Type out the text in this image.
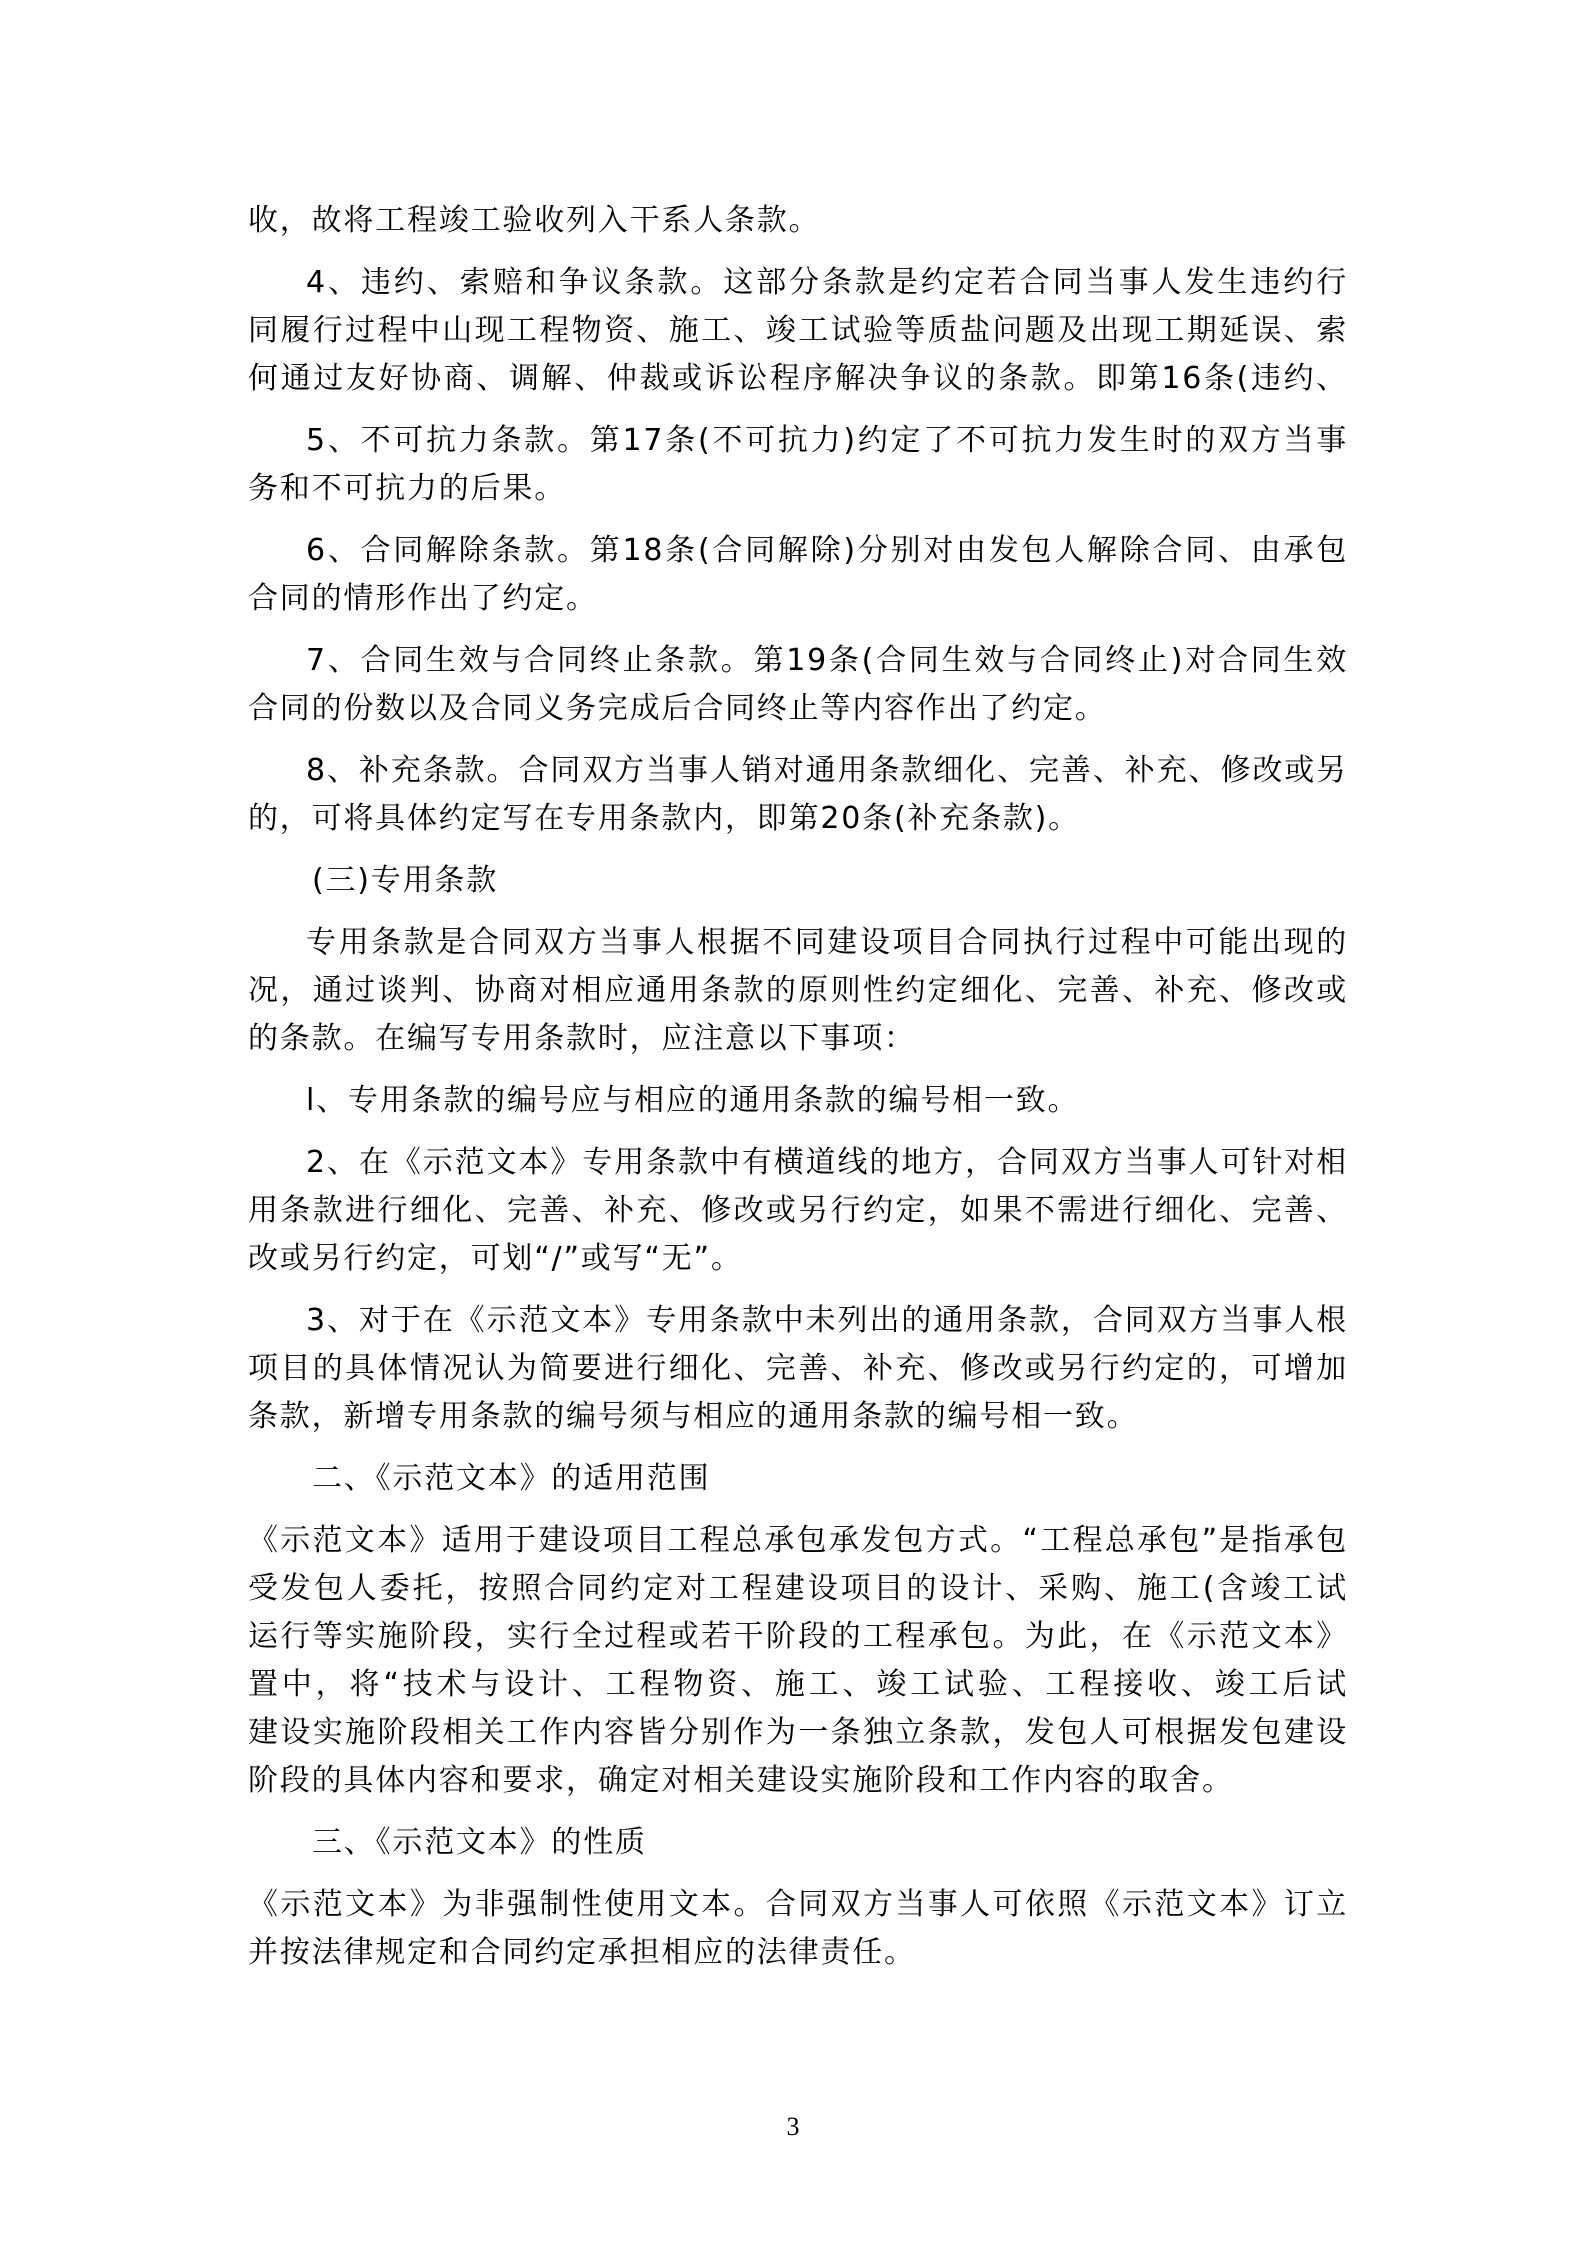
收，故将工程竣工验收列入干系人条款。
4、违约、索赔和争议条款。这部分条款是约定若合同当事人发生违约行
同履行过程中山现工程物资、施工、竣工试验等质盐问题及出现工期延误、索
何通过友好协商、调解、仲裁或诉讼程序解决争议的条款。即第16条(违约、
5、不可抗力条款。第17条(不可抗力)约定了不可抗力发生时的双方当事
务和不可抗力的后果。
6、合同解除条款。第18条(合同解除)分别对由发包人解除合同、由承包
合同的情形作出了约定。
7、合同生效与合同终止条款。第19条(合同生效与合同终止)对合同生效
合同的份数以及合同义务完成后合同终止等内容作出了约定。
8、补充条款。合同双方当事人销对通用条款细化、完善、补充、修改或另
的，可将具体约定写在专用条款内，即第20条(补充条款)。
(三)专用条款
专用条款是合同双方当事人根据不同建设项目合同执行过程中可能出现的
况，通过谈判、协商对相应通用条款的原则性约定细化、完善、补充、修改或
的条款。在编写专用条款时，应注意以下事项：
l、专用条款的编号应与相应的通用条款的编号相一致。
2、在《示范文本》专用条款中有横道线的地方，合同双方当事人可针对相
用条款进行细化、完善、补充、修改或另行约定，如果不需进行细化、完善、
改或另行约定，可划“/”或写“无”。
3、对于在《示范文本》专用条款中未列出的通用条款，合同双方当事人根
项目的具体情况认为简要进行细化、完善、补充、修改或另行约定的，可增加
条款，新增专用条款的编号须与相应的通用条款的编号相一致。
二、《示范文本》的适用范围
《示范文本》适用于建设项目工程总承包承发包方式。“工程总承包”是指承包
受发包人委托，按照合同约定对工程建设项目的设计、采购、施工(含竣工试
运行等实施阶段，实行全过程或若干阶段的工程承包。为此，在《示范文本》
置中，将“技术与设计、工程物资、施工、竣工试验、工程接收、竣工后试
建设实施阶段相关工作内容皆分别作为一条独立条款，发包人可根据发包建设
阶段的具体内容和要求，确定对相关建设实施阶段和工作内容的取舍。
三、《示范文本》的性质
《示范文本》为非强制性使用文本。合同双方当事人可依照《示范文本》订立
并按法律规定和合同约定承担相应的法律责任。
3
